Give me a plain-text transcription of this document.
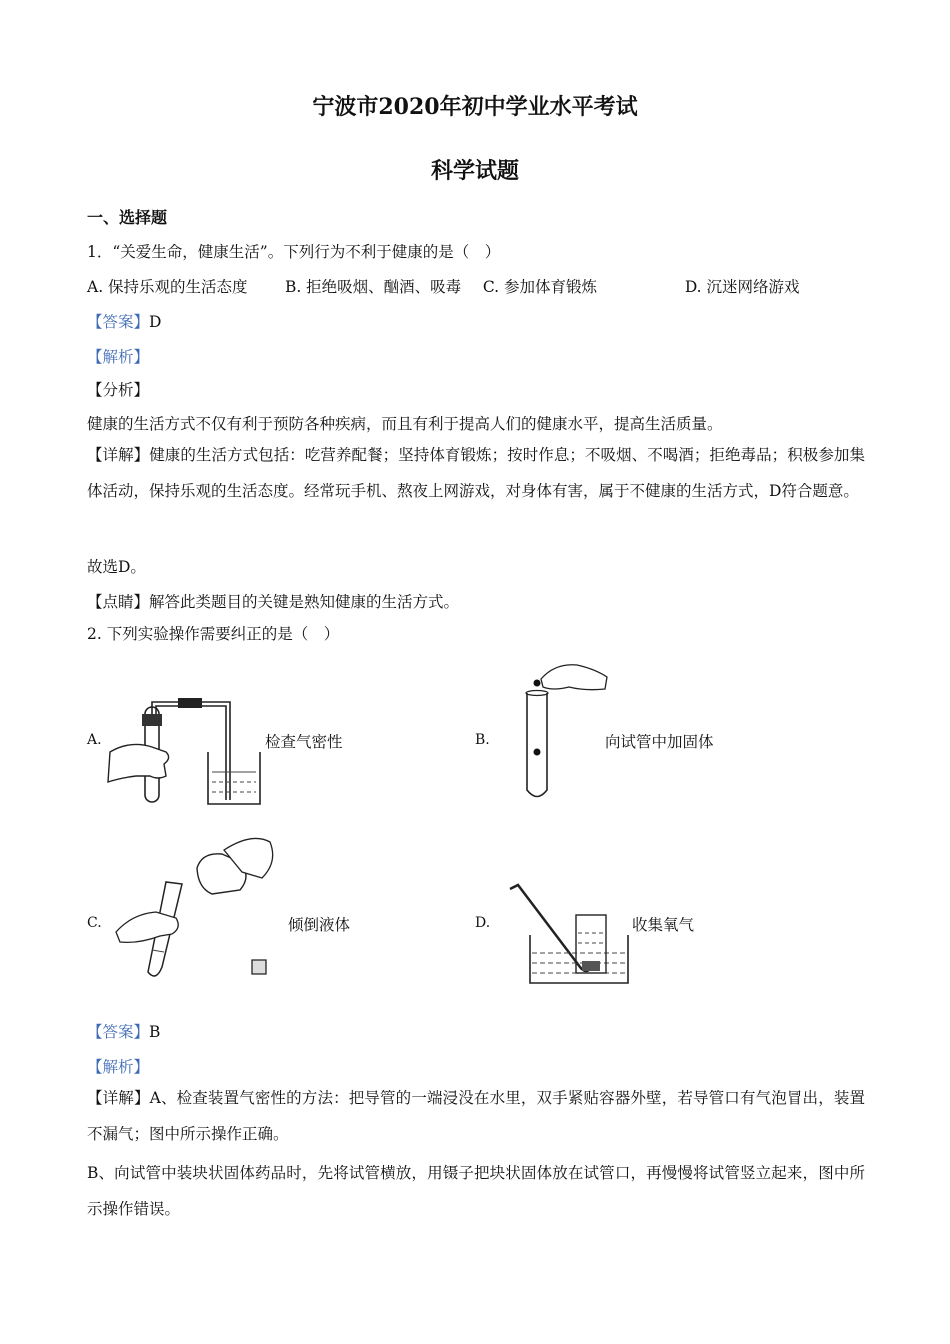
宁波市2020年初中学业水平考试
科学试题
一、选择题
1．“关爱生命，健康生活”。下列行为不利于健康的是（　）
A. 保持乐观的生活态度 B. 拒绝吸烟、酗酒、吸毒 C. 参加体育锻炼	D. 沉迷网络游戏
【答案】D
【解析】
【分析】
健康的生活方式不仅有利于预防各种疾病，而且有利于提高人们的健康水平，提高生活质量。
【详解】健康的生活方式包括：吃营养配餐；坚持体育锻炼；按时作息；不吸烟、不喝酒；拒绝毒品；积极参加集体活动，保持乐观的生活态度。经常玩手机、熬夜上网游戏，对身体有害，属于不健康的生活方式，D符合题意。
故选D。
【点睛】解答此类题目的关键是熟知健康的生活方式。
2. 下列实验操作需要纠正的是（　）
A.	检查气密性	B.	向试管中加固体
C.	倾倒液体	D.	收集氧气
【答案】B
【解析】
【详解】A、检查装置气密性的方法：把导管的一端浸没在水里，双手紧贴容器外壁，若导管口有气泡冒出，装置不漏气；图中所示操作正确。
B、向试管中装块状固体药品时，先将试管横放，用镊子把块状固体放在试管口，再慢慢将试管竖立起来，图中所示操作错误。
